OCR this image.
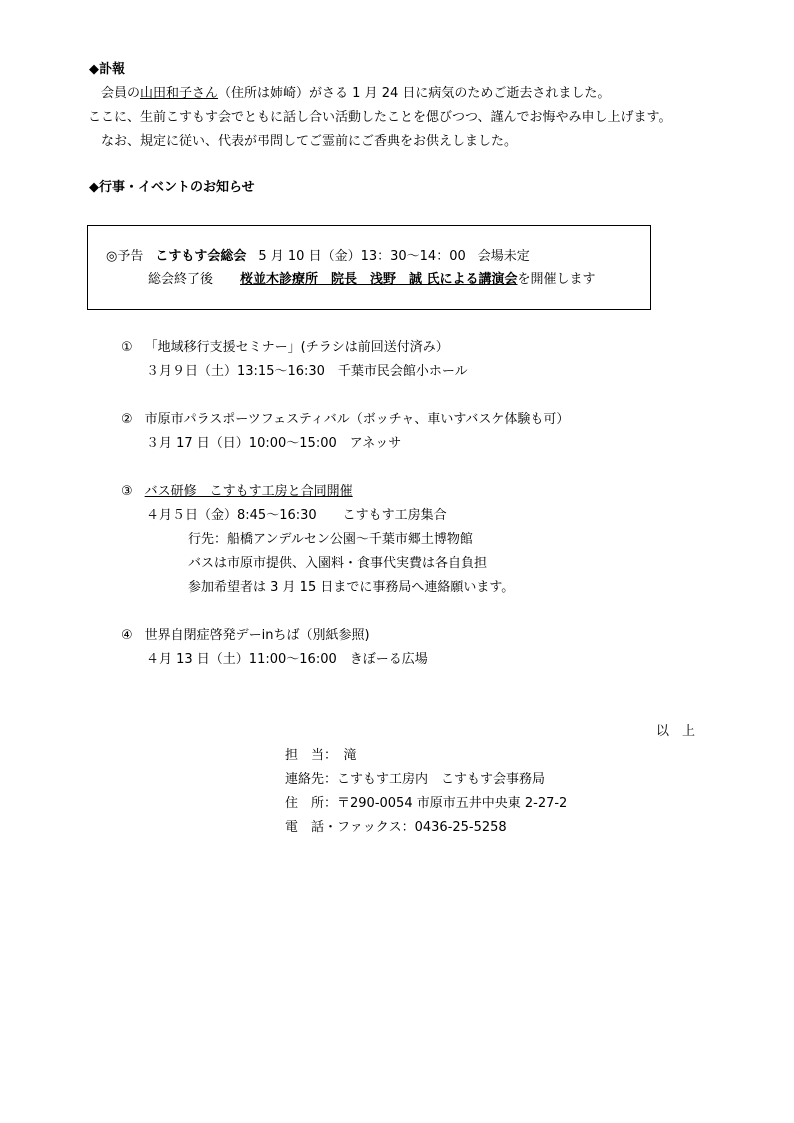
◆訃報
会員の山田和子さん（住所は姉崎）がさる 1 月 24 日に病気のためご逝去されました。
ここに、生前こすもす会でともに話し合い活動したことを偲びつつ、謹んでお悔やみ申し上げます。
なお、規定に従い、代表が弔問してご霊前にご香典をお供えしました。
◆行事・イベントのお知らせ
◎予告 こすもす会総会 5 月 10 日（金）13：30～14：00 会場未定
総会終了後 桜並木診療所　院長　浅野　誠 氏による講演会を開催します
① 「地域移行支援セミナー」(チラシは前回送付済み）
３月９日（土）13:15～16:30　千葉市民会館小ホール
② 市原市パラスポーツフェスティバル（ボッチャ、車いすバスケ体験も可）
３月 17 日（日）10:00～15:00　アネッサ
③ バス研修　こすもす工房と合同開催
４月５日（金）8:45～16:30　　こすもす工房集合
行先：船橋アンデルセン公園～千葉市郷土博物館
バスは市原市提供、入園料・食事代実費は各自負担
参加希望者は 3 月 15 日までに事務局へ連絡願います。
④ 世界自閉症啓発デーinちば（別紙参照)
４月 13 日（土）11:00～16:00　きぼーる広場
以　上
担　当：　滝
連絡先：こすもす工房内　こすもす会事務局
住　所：〒290-0054 市原市五井中央東 2-27-2
電　話・ファックス：0436-25-5258
